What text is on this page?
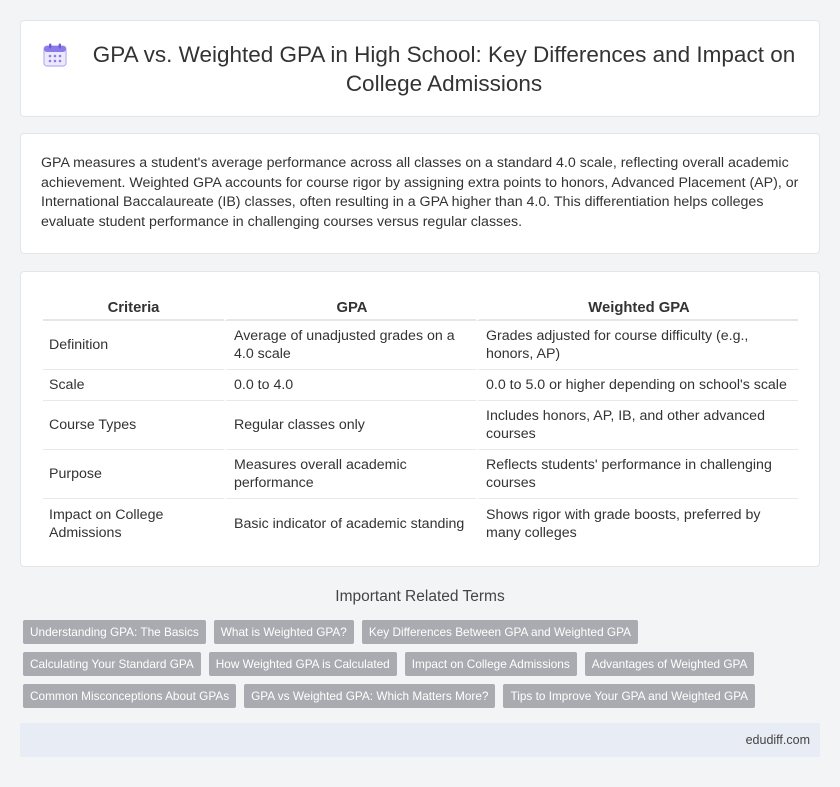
GPA vs. Weighted GPA in High School: Key Differences and Impact on College Admissions

GPA measures a student's average performance across all classes on a standard 4.0 scale, reflecting overall academic achievement. Weighted GPA accounts for course rigor by assigning extra points to honors, Advanced Placement (AP), or International Baccalaureate (IB) classes, often resulting in a GPA higher than 4.0. This differentiation helps colleges evaluate student performance in challenging courses versus regular classes.

Criteria	GPA	Weighted GPA
Definition	Average of unadjusted grades on a 4.0 scale	Grades adjusted for course difficulty (e.g., honors, AP)
Scale	0.0 to 4.0	0.0 to 5.0 or higher depending on school's scale
Course Types	Regular classes only	Includes honors, AP, IB, and other advanced courses
Purpose	Measures overall academic performance	Reflects students' performance in challenging courses
Impact on College Admissions	Basic indicator of academic standing	Shows rigor with grade boosts, preferred by many colleges
Important Related Terms
Understanding GPA: The Basics	What is Weighted GPA?	Key Differences Between GPA and Weighted GPA
Calculating Your Standard GPA	How Weighted GPA is Calculated	Impact on College Admissions	Advantages of Weighted GPA
Common Misconceptions About GPAs	GPA vs Weighted GPA: Which Matters More?	Tips to Improve Your GPA and Weighted GPA
edudiff.com
